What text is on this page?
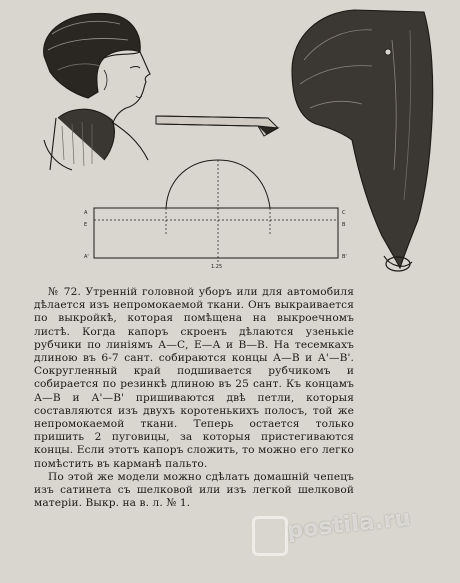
А	С
Е	В
А'	В'
1.25

№ 72. Утренній головной уборъ или для автомобиля дѣлается изъ непромокаемой ткани. Онъ выкраивается по выкройкѣ, которая помѣщена на выкроечномъ листѣ. Когда капоръ скроенъ дѣлаются узенькіе рубчики по линіямъ А—С, Е—А и В—В. На тесемкахъ длиною въ 6-7 сант. собираются концы А—В и А'—В'. Сокругленный край подшивается рубчикомъ и собирается по резинкѣ длиною въ 25 сант. Къ концамъ А—В и А'—В' пришиваются двѣ петли, которыя составляются изъ двухъ коротенькихъ полосъ, той же непромокаемой ткани. Теперь остается только пришить 2 пуговицы, за которыя пристегиваются концы. Если этотъ капоръ сложить, то можно его легко помѣстить въ карманѣ пальто.

По этой же модели можно сдѣлать домашній чепецъ изъ сатинета съ шелковой или изъ легкой шелковой матеріи. Выкр. на в. л. № 1.

postila.ru
